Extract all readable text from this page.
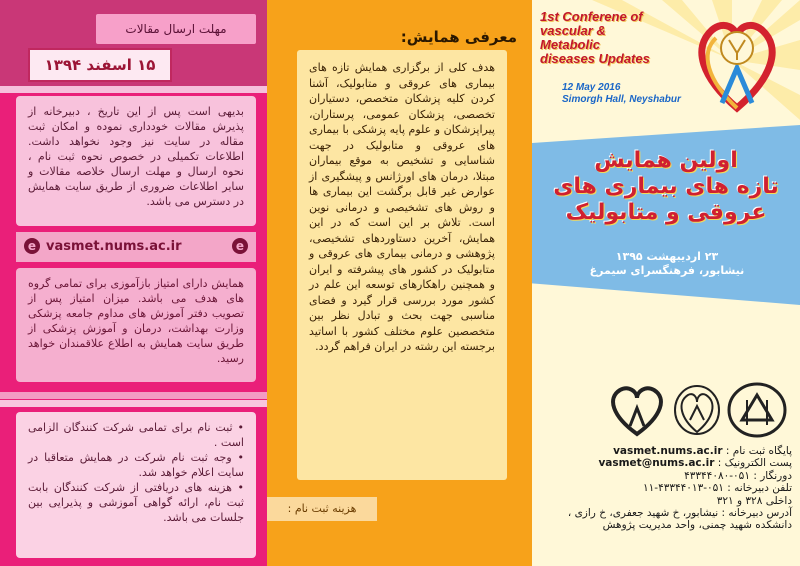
مهلت ارسال مقالات
۱۵ اسفند ۱۳۹۴
بدیهی است پس از این تاریخ ، دبیرخانه از پذیرش مقالات خودداری نموده و امکان ثبت مقاله در سایت نیز وجود نخواهد داشت. اطلاعات تکمیلی در خصوص نحوه ثبت نام ، نحوه ارسال و مهلت ارسال خلاصه مقالات و سایر اطلاعات ضروری از طریق سایت همایش در دسترس می باشد.
e vasmet.nums.ac.ir	e
همایش دارای امتیاز بازآموزی برای تمامی گروه های هدف می باشد. میزان امتیاز پس از تصویب دفتر آموزش های مداوم جامعه پزشکی وزارت بهداشت، درمان و آموزش پزشکی از طریق سایت همایش به اطلاع علاقمندان خواهد رسید.
• ثبت نام برای تمامی شرکت کنندگان الزامی است .
• وجه ثبت نام شرکت در همایش متعاقبا در سایت اعلام خواهد شد.
• هزینه های دریافتی از شرکت کنندگان بابت ثبت نام، ارائه گواهی آموزشی و پذیرایی بین جلسات می باشد.
معرفی همایش:
هدف کلی از برگزاری همایش تازه های بیماری های عروقی و متابولیک، آشنا کردن کلیه پزشکان متخصص، دستیاران تخصصی، پزشکان عمومی، پرستاران، پیراپزشکان و علوم پایه پزشکی با بیماری های عروقی و متابولیک در جهت شناسایی و تشخیص به موقع بیماران مبتلا، درمان های اورژانس و پیشگیری از عوارض غیر قابل برگشت این بیماری ها و روش های تشخیصی و درمانی نوین است. تلاش بر این است که در این همایش، آخرین دستاوردهای تشخیصی، پژوهشی و درمانی بیماری های عروقی و متابولیک در کشور های پیشرفته و ایران و همچنین راهکارهای توسعه این علم در کشور مورد بررسی قرار گیرد و فضای مناسبی جهت بحث و تبادل نظر بین متخصصین علوم مختلف کشور با اساتید برجسته این رشته در ایران فراهم گردد.
هزینه ثبت نام :
1st Conferene of
vascular & Metabolic
diseases Updates
12 May 2016
Simorgh Hall, Neyshabur
اولین همایش
تازه های بیماری های
عروقی و متابولیک
۲۳ اردیبهشت ۱۳۹۵
نیشابور، فرهنگسرای سیمرغ
پایگاه ثبت نام : vasmet.nums.ac.ir
پست الکترونیک : vasmet@nums.ac.ir
دورنگار : ۰۵۱-۴۳۳۴۴۰۸۰
تلفن دبیرخانه : ۰۵۱-۴۳۳۴۴۰۱۳-۱۱
داخلی ۳۲۸ و ۳۲۱
آدرس دبیرخانه : نیشابور، خ شهید جعفری، خ رازی ،
دانشکده شهید چمنی، واحد مدیریت پژوهش
